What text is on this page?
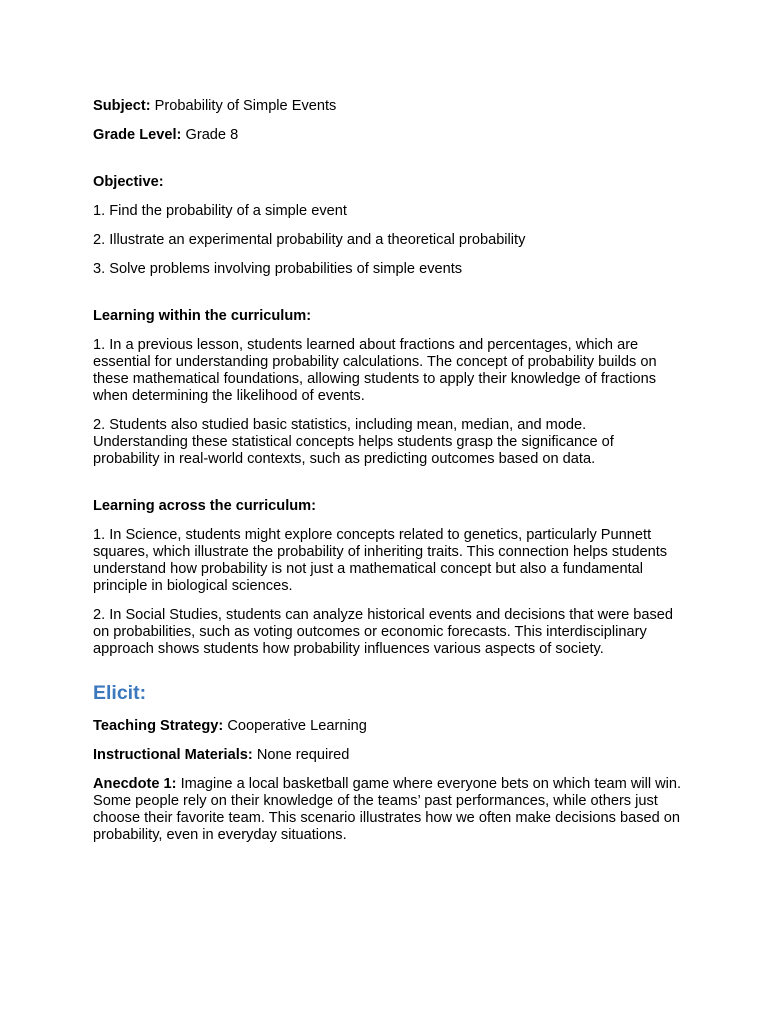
Subject: Probability of Simple Events

Grade Level: Grade 8

Objective:

1. Find the probability of a simple event

2. Illustrate an experimental probability and a theoretical probability

3. Solve problems involving probabilities of simple events

Learning within the curriculum:

1. In a previous lesson, students learned about fractions and percentages, which are essential for understanding probability calculations. The concept of probability builds on these mathematical foundations, allowing students to apply their knowledge of fractions when determining the likelihood of events.

2. Students also studied basic statistics, including mean, median, and mode. Understanding these statistical concepts helps students grasp the significance of probability in real-world contexts, such as predicting outcomes based on data.

Learning across the curriculum:

1. In Science, students might explore concepts related to genetics, particularly Punnett squares, which illustrate the probability of inheriting traits. This connection helps students understand how probability is not just a mathematical concept but also a fundamental principle in biological sciences.

2. In Social Studies, students can analyze historical events and decisions that were based on probabilities, such as voting outcomes or economic forecasts. This interdisciplinary approach shows students how probability influences various aspects of society.

Elicit:

Teaching Strategy: Cooperative Learning

Instructional Materials: None required

Anecdote 1: Imagine a local basketball game where everyone bets on which team will win. Some people rely on their knowledge of the teams’ past performances, while others just choose their favorite team. This scenario illustrates how we often make decisions based on probability, even in everyday situations.
